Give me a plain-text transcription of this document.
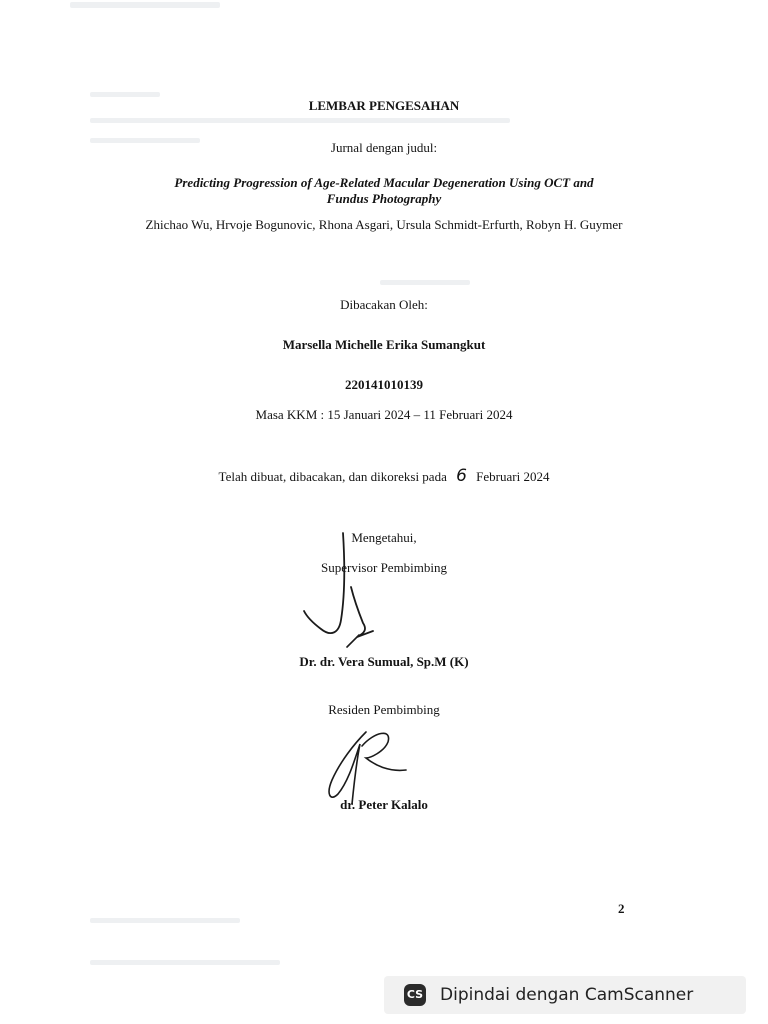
LEMBAR PENGESAHAN
Jurnal dengan judul:
Predicting Progression of Age-Related Macular Degeneration Using OCT and
Fundus Photography
Zhichao Wu, Hrvoje Bogunovic, Rhona Asgari, Ursula Schmidt-Erfurth, Robyn H. Guymer
Dibacakan Oleh:
Marsella Michelle Erika Sumangkut
220141010139
Masa KKM : 15 Januari 2024 – 11 Februari 2024
Telah dibuat, dibacakan, dan dikoreksi pada 6 Februari 2024
Mengetahui,
Supervisor Pembimbing
Dr. dr. Vera Sumual, Sp.M (K)
Residen Pembimbing
dr. Peter Kalalo
2
CS Dipindai dengan CamScanner
